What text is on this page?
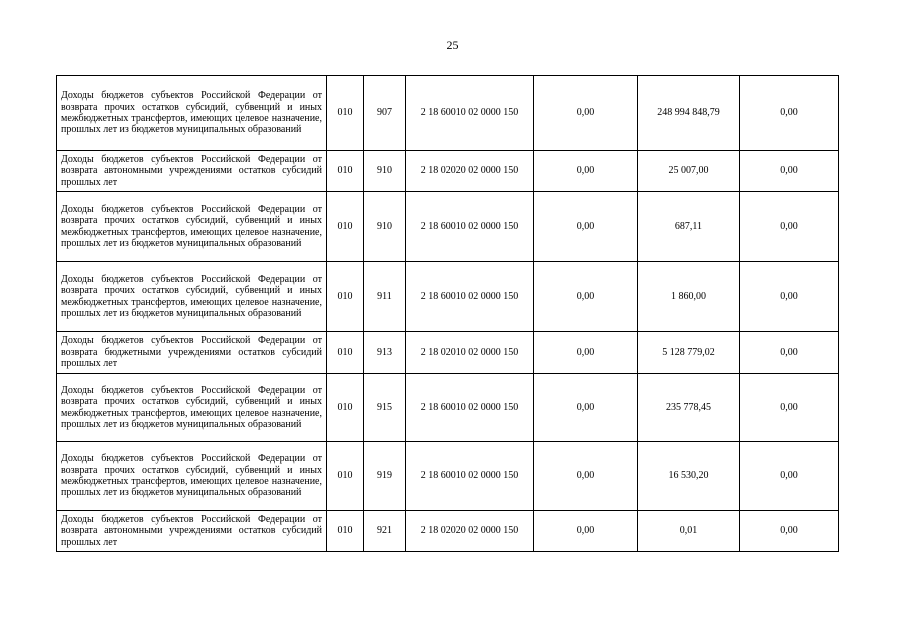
25
Доходы бюджетов субъектов Российской Федерации от возврата прочих остатков субсидий, субвенций и иных межбюджетных трансфертов, имеющих целевое назначение, прошлых лет из бюджетов муниципальных образований	010	907	2 18 60010 02 0000 150	0,00	248 994 848,79	0,00
Доходы бюджетов субъектов Российской Федерации от возврата автономными учреждениями остатков субсидий прошлых лет	010	910	2 18 02020 02 0000 150	0,00	25 007,00	0,00
Доходы бюджетов субъектов Российской Федерации от возврата прочих остатков субсидий, субвенций и иных межбюджетных трансфертов, имеющих целевое назначение, прошлых лет из бюджетов муниципальных образований	010	910	2 18 60010 02 0000 150	0,00	687,11	0,00
Доходы бюджетов субъектов Российской Федерации от возврата прочих остатков субсидий, субвенций и иных межбюджетных трансфертов, имеющих целевое назначение, прошлых лет из бюджетов муниципальных образований	010	911	2 18 60010 02 0000 150	0,00	1 860,00	0,00
Доходы бюджетов субъектов Российской Федерации от возврата бюджетными учреждениями остатков субсидий прошлых лет	010	913	2 18 02010 02 0000 150	0,00	5 128 779,02	0,00
Доходы бюджетов субъектов Российской Федерации от возврата прочих остатков субсидий, субвенций и иных межбюджетных трансфертов, имеющих целевое назначение, прошлых лет из бюджетов муниципальных образований	010	915	2 18 60010 02 0000 150	0,00	235 778,45	0,00
Доходы бюджетов субъектов Российской Федерации от возврата прочих остатков субсидий, субвенций и иных межбюджетных трансфертов, имеющих целевое назначение, прошлых лет из бюджетов муниципальных образований	010	919	2 18 60010 02 0000 150	0,00	16 530,20	0,00
Доходы бюджетов субъектов Российской Федерации от возврата автономными учреждениями остатков субсидий прошлых лет	010	921	2 18 02020 02 0000 150	0,00	0,01	0,00
